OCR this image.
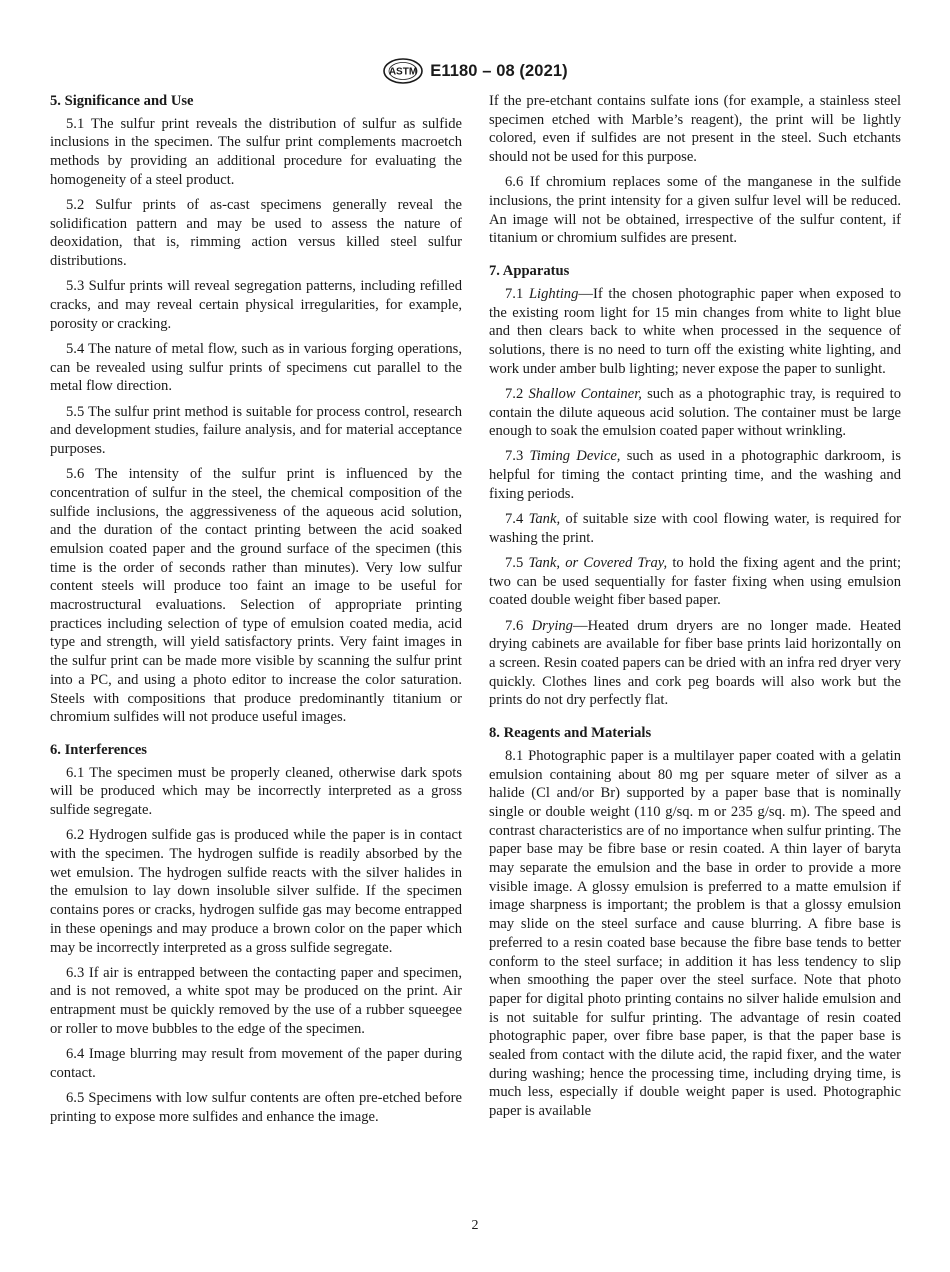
ASTM E1180 – 08 (2021)
5. Significance and Use

5.1 The sulfur print reveals the distribution of sulfur as sulfide inclusions in the specimen. The sulfur print complements macroetch methods by providing an additional procedure for evaluating the homogeneity of a steel product.

5.2 Sulfur prints of as-cast specimens generally reveal the solidification pattern and may be used to assess the nature of deoxidation, that is, rimming action versus killed steel sulfur distributions.

5.3 Sulfur prints will reveal segregation patterns, including refilled cracks, and may reveal certain physical irregularities, for example, porosity or cracking.

5.4 The nature of metal flow, such as in various forging operations, can be revealed using sulfur prints of specimens cut parallel to the metal flow direction.

5.5 The sulfur print method is suitable for process control, research and development studies, failure analysis, and for material acceptance purposes.

5.6 The intensity of the sulfur print is influenced by the concentration of sulfur in the steel, the chemical composition of the sulfide inclusions, the aggressiveness of the aqueous acid solution, and the duration of the contact printing between the acid soaked emulsion coated paper and the ground surface of the specimen (this time is the order of seconds rather than minutes). Very low sulfur content steels will produce too faint an image to be useful for macrostructural evaluations. Selection of appropriate printing practices including selection of type of emulsion coated media, acid type and strength, will yield satisfactory prints. Very faint images in the sulfur print can be made more visible by scanning the sulfur print into a PC, and using a photo editor to increase the color saturation. Steels with compositions that produce predominantly titanium or chromium sulfides will not produce useful images.

6. Interferences

6.1 The specimen must be properly cleaned, otherwise dark spots will be produced which may be incorrectly interpreted as a gross sulfide segregate.

6.2 Hydrogen sulfide gas is produced while the paper is in contact with the specimen. The hydrogen sulfide is readily absorbed by the wet emulsion. The hydrogen sulfide reacts with the silver halides in the emulsion to lay down insoluble silver sulfide. If the specimen contains pores or cracks, hydrogen sulfide gas may become entrapped in these openings and may produce a brown color on the paper which may be incorrectly interpreted as a gross sulfide segregate.

6.3 If air is entrapped between the contacting paper and specimen, and is not removed, a white spot may be produced on the print. Air entrapment must be quickly removed by the use of a rubber squeegee or roller to move bubbles to the edge of the specimen.

6.4 Image blurring may result from movement of the paper during contact.

6.5 Specimens with low sulfur contents are often pre-etched before printing to expose more sulfides and enhance the image.

If the pre-etchant contains sulfate ions (for example, a stainless steel specimen etched with Marble’s reagent), the print will be lightly colored, even if sulfides are not present in the steel. Such etchants should not be used for this purpose.

6.6 If chromium replaces some of the manganese in the sulfide inclusions, the print intensity for a given sulfur level will be reduced. An image will not be obtained, irrespective of the sulfur content, if titanium or chromium sulfides are present.

7. Apparatus

7.1 Lighting—If the chosen photographic paper when exposed to the existing room light for 15 min changes from white to light blue and then clears back to white when processed in the sequence of solutions, there is no need to turn off the existing white lighting, and work under amber bulb lighting; never expose the paper to sunlight.

7.2 Shallow Container, such as a photographic tray, is required to contain the dilute aqueous acid solution. The container must be large enough to soak the emulsion coated paper without wrinkling.

7.3 Timing Device, such as used in a photographic darkroom, is helpful for timing the contact printing time, and the washing and fixing periods.

7.4 Tank, of suitable size with cool flowing water, is required for washing the print.

7.5 Tank, or Covered Tray, to hold the fixing agent and the print; two can be used sequentially for faster fixing when using emulsion coated double weight fiber based paper.

7.6 Drying—Heated drum dryers are no longer made. Heated drying cabinets are available for fiber base prints laid horizontally on a screen. Resin coated papers can be dried with an infra red dryer very quickly. Clothes lines and cork peg boards will also work but the prints do not dry perfectly flat.

8. Reagents and Materials

8.1 Photographic paper is a multilayer paper coated with a gelatin emulsion containing about 80 mg per square meter of silver as a halide (Cl and/or Br) supported by a paper base that is nominally single or double weight (110 g/sq. m or 235 g/sq. m). The speed and contrast characteristics are of no importance when sulfur printing. The paper base may be fibre base or resin coated. A thin layer of baryta may separate the emulsion and the base in order to provide a more visible image. A glossy emulsion is preferred to a matte emulsion if image sharpness is important; the problem is that a glossy emulsion may slide on the steel surface and cause blurring. A fibre base is preferred to a resin coated base because the fibre base tends to better conform to the steel surface; in addition it has less tendency to slip when smoothing the paper over the steel surface. Note that photo paper for digital photo printing contains no silver halide emulsion and is not suitable for sulfur printing. The advantage of resin coated photographic paper, over fibre base paper, is that the paper base is sealed from contact with the dilute acid, the rapid fixer, and the water during washing; hence the processing time, including drying time, is much less, especially if double weight paper is used. Photographic paper is available

2
